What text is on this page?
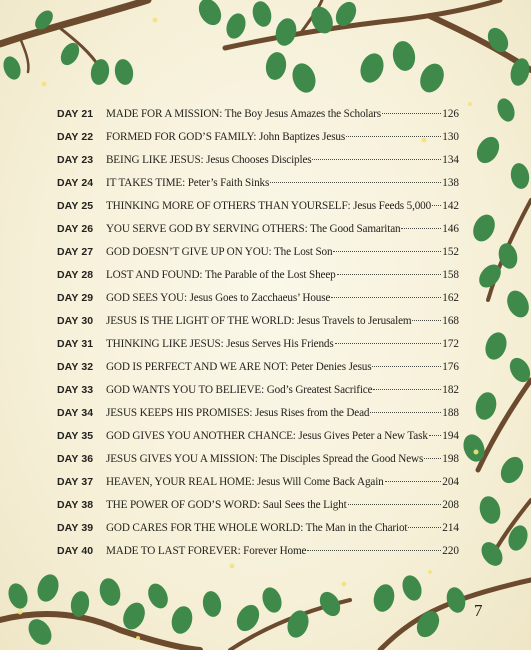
DAY 21	MADE FOR A MISSION: The Boy Jesus Amazes the Scholars	126
DAY 22	FORMED FOR GOD’S FAMILY: John Baptizes Jesus	130
DAY 23	BEING LIKE JESUS: Jesus Chooses Disciples	134
DAY 24	IT TAKES TIME: Peter’s Faith Sinks	138
DAY 25	THINKING MORE OF OTHERS THAN YOURSELF: Jesus Feeds 5,000 142
DAY 26	YOU SERVE GOD BY SERVING OTHERS: The Good Samaritan	146
DAY 27	GOD DOESN’T GIVE UP ON YOU: The Lost Son	152
DAY 28	LOST AND FOUND: The Parable of the Lost Sheep	158
DAY 29	GOD SEES YOU: Jesus Goes to Zacchaeus’ House	162
DAY 30	JESUS IS THE LIGHT OF THE WORLD: Jesus Travels to Jerusalem	168
DAY 31	THINKING LIKE JESUS: Jesus Serves His Friends	172
DAY 32	GOD IS PERFECT AND WE ARE NOT: Peter Denies Jesus	176
DAY 33	GOD WANTS YOU TO BELIEVE: God’s Greatest Sacrifice	182
DAY 34	JESUS KEEPS HIS PROMISES: Jesus Rises from the Dead	188
DAY 35	GOD GIVES YOU ANOTHER CHANCE: Jesus Gives Peter a New Task 194
DAY 36	JESUS GIVES YOU A MISSION: The Disciples Spread the Good News 198
DAY 37	HEAVEN, YOUR REAL HOME: Jesus Will Come Back Again	204
DAY 38	THE POWER OF GOD’S WORD: Saul Sees the Light	208
DAY 39	GOD CARES FOR THE WHOLE WORLD: The Man in the Chariot	214
DAY 40	MADE TO LAST FOREVER: Forever Home	220
7
